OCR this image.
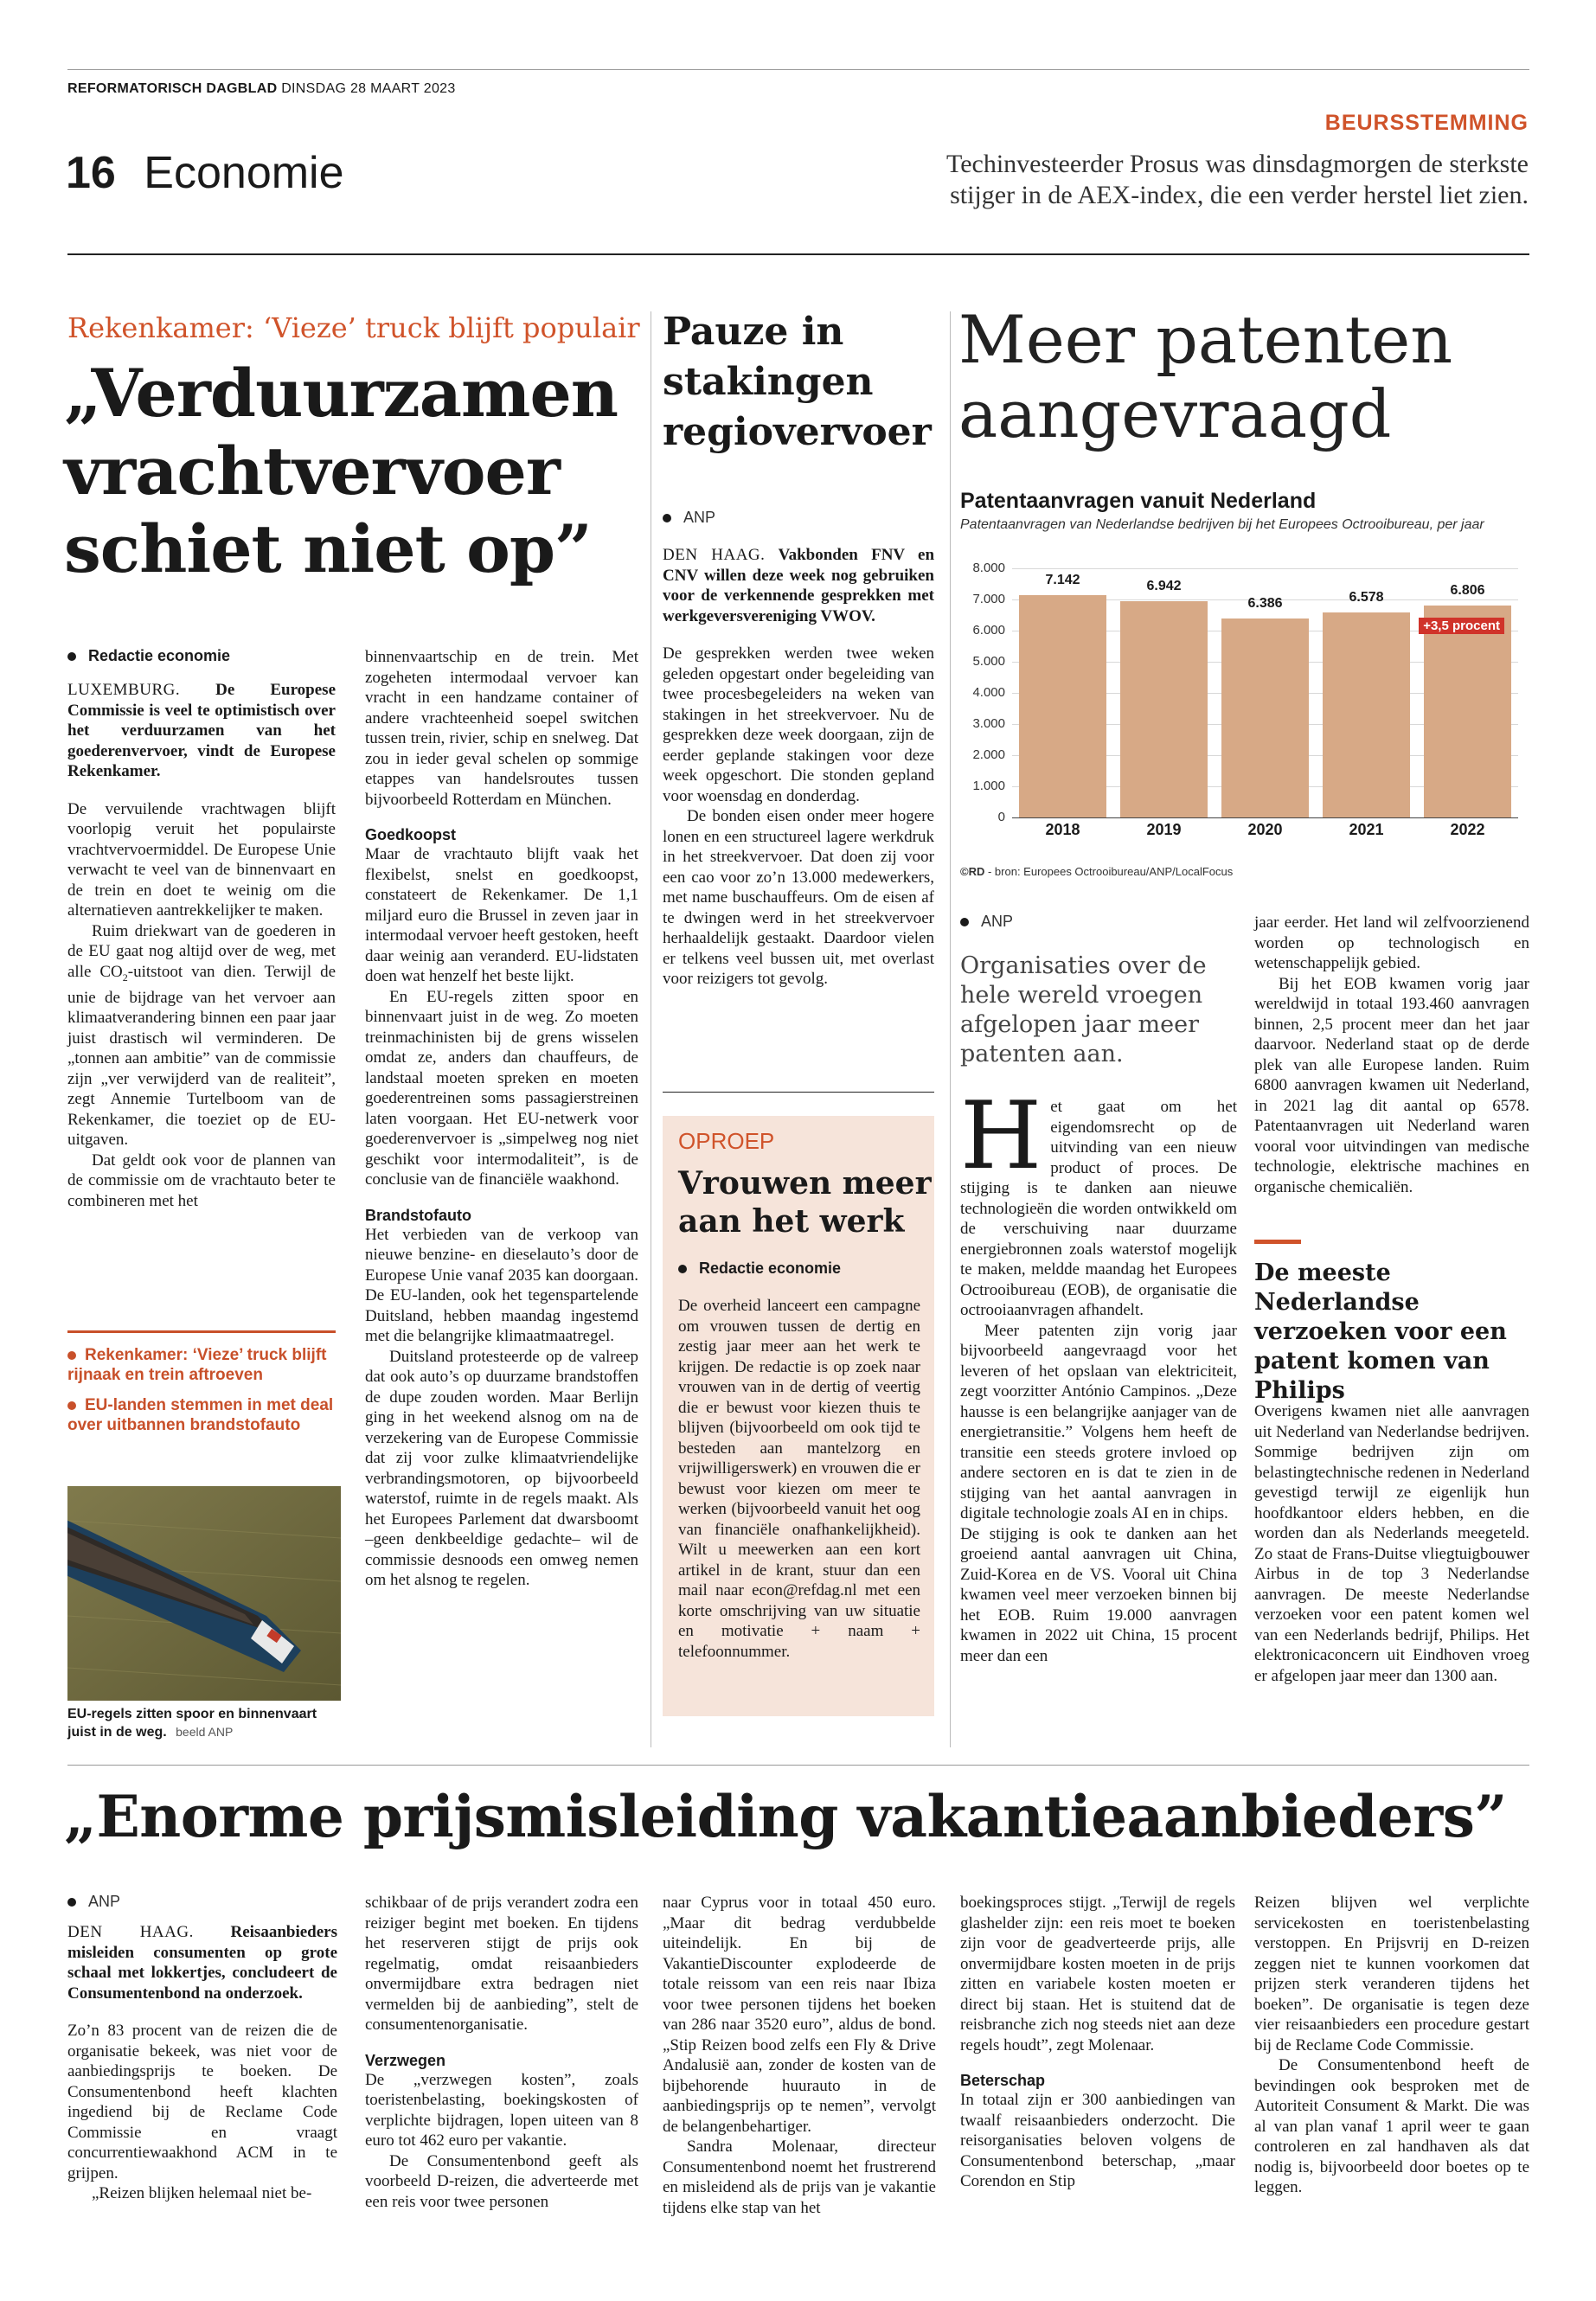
REFORMATORISCH DAGBLAD DINSDAG 28 MAART 2023
16 Economie
BEURSSTEMMING
Techinvesteerder Prosus was dinsdagmorgen de sterkste
stijger in de AEX-index, die een verder herstel liet zien.
Rekenkamer: ‘Vieze’ truck blijft populair
„Verduurzamen
vrachtvervoer
schiet niet op”
Redactie economie

LUXEMBURG. De Europese Commissie is veel te optimistisch over het verduurzamen van het goederenvervoer, vindt de Europese Rekenkamer.

De vervuilende vrachtwagen blijft voorlopig veruit het populairste vrachtvervoermiddel. De Europese Unie verwacht te veel van de binnenvaart en de trein en doet te weinig om die alternatieven aantrekkelijker te maken.

Ruim driekwart van de goederen in de EU gaat nog altijd over de weg, met alle $CO_2$-uitstoot van dien. Terwijl de unie de bijdrage van het vervoer aan klimaatverandering binnen een paar jaar juist drastisch wil verminderen. De „tonnen aan ambitie” van de commissie zijn „ver verwijderd van de realiteit”, zegt Annemie Turtelboom van de Rekenkamer, die toeziet op de EU-uitgaven.

Dat geldt ook voor de plannen van de commissie om de vrachtauto beter te combineren met het

Rekenkamer: ‘Vieze’ truck blijft rijnaak en trein aftroeven
EU-landen stemmen in met deal over uitbannen brandstofauto
EU-regels zitten spoor en binnenvaart juist in de weg. beeld ANP

binnenvaartschip en de trein. Met zogeheten intermodaal vervoer kan vracht in een handzame container of andere vrachteenheid soepel switchen tussen trein, rivier, schip en snelweg. Dat zou in ieder geval schelen op sommige etappes van handelsroutes tussen bijvoorbeeld Rotterdam en München.

Goedkoopst

Maar de vrachtauto blijft vaak het flexibelst, snelst en goedkoopst, constateert de Rekenkamer. De 1,1 miljard euro die Brussel in zeven jaar in intermodaal vervoer heeft gestoken, heeft daar weinig aan veranderd. EU-lidstaten doen wat henzelf het beste lijkt.

En EU-regels zitten spoor en binnenvaart juist in de weg. Zo moeten treinmachinisten bij de grens wisselen omdat ze, anders dan chauffeurs, de landstaal moeten spreken en moeten goederentreinen soms passagierstreinen laten voorgaan. Het EU-netwerk voor goederenvervoer is „simpelweg nog niet geschikt voor intermodaliteit”, is de conclusie van de financiële waakhond.

Brandstofauto

Het verbieden van de verkoop van nieuwe benzine- en dieselauto’s door de Europese Unie vanaf 2035 kan doorgaan. De EU-landen, ook het tegenspartelende Duitsland, hebben maandag ingestemd met die belangrijke klimaatmaatregel.

Duitsland protesteerde op de valreep dat ook auto’s op duurzame brandstoffen de dupe zouden worden. Maar Berlijn ging in het weekend alsnog om na de verzekering van de Europese Commissie dat zij voor zulke klimaatvriendelijke verbrandingsmotoren, op bijvoorbeeld waterstof, ruimte in de regels maakt. Als het Europees Parlement dat dwarsboomt –geen denkbeeldige gedachte– wil de commissie desnoods een omweg nemen om het alsnog te regelen.

Pauze in
stakingen
regiovervoer
ANP

DEN HAAG. Vakbonden FNV en CNV willen deze week nog gebruiken voor de verkennende gesprekken met werkgeversvereniging VWOV.

De gesprekken werden twee weken geleden opgestart onder begeleiding van twee procesbegeleiders na weken van stakingen in het streekvervoer. Nu de gesprekken deze week doorgaan, zijn de eerder geplande stakingen voor deze week opgeschort. Die stonden gepland voor woensdag en donderdag.

De bonden eisen onder meer hogere lonen en een structureel lagere werkdruk in het streekvervoer. Dat doen zij voor een cao voor zo’n 13.000 medewerkers, met name buschauffeurs. Om de eisen af te dwingen werd in het streekvervoer herhaaldelijk gestaakt. Daardoor vielen er telkens veel bussen uit, met overlast voor reizigers tot gevolg.

OPROEP
Vrouwen meer
aan het werk
Redactie economie

De overheid lanceert een campagne om vrouwen tussen de dertig en zestig jaar meer aan het werk te krijgen. De redactie is op zoek naar vrouwen van in de dertig of veertig die er bewust voor kiezen thuis te blijven (bijvoorbeeld om ook tijd te besteden aan mantelzorg en vrijwilligerswerk) en vrouwen die er bewust voor kiezen om meer te werken (bijvoorbeeld vanuit het oog van financiële onafhankelijkheid). Wilt u meewerken aan een kort artikel in de krant, stuur dan een mail naar econ@refdag.nl met een korte omschrijving van uw situatie en motivatie + naam + telefoonnummer.

Meer patenten
aangevraagd
Patentaanvragen vanuit Nederland
Patentaanvragen van Nederlandse bedrijven bij het Europees Octrooibureau, per jaar
0
1.000
2.000
3.000
4.000
5.000
6.000
7.000
8.000
7.142
2018
6.942
2019
6.386
2020
6.578
2021
6.806
2022
+3,5 procent
©RD - bron: Europees Octrooibureau/ANP/LocalFocus
ANP
Organisaties over de hele wereld vroegen afgelopen jaar meer patenten aan.

Het gaat om het eigendomsrecht op de uitvinding van een nieuw product of proces. De stijging is te danken aan nieuwe technologieën die worden ontwikkeld om de verschuiving naar duurzame energiebronnen zoals waterstof mogelijk te maken, meldde maandag het Europees Octrooibureau (EOB), de organisatie die octrooiaanvragen afhandelt.

Meer patenten zijn vorig jaar bijvoorbeeld aangevraagd voor het leveren of het opslaan van elektriciteit, zegt voorzitter António Campinos. „Deze hausse is een belangrijke aanjager van de energietransitie.” Volgens hem heeft de transitie een steeds grotere invloed op andere sectoren en is dat te zien in de stijging van het aantal aanvragen in digitale technologie zoals AI en in chips.

De stijging is ook te danken aan het groeiend aantal aanvragen uit China, Zuid-Korea en de VS. Vooral uit China kwamen veel meer verzoeken binnen bij het EOB. Ruim 19.000 aanvragen kwamen in 2022 uit China, 15 procent meer dan een

jaar eerder. Het land wil zelfvoorzienend worden op technologisch en wetenschappelijk gebied.

Bij het EOB kwamen vorig jaar wereldwijd in totaal 193.460 aanvragen binnen, 2,5 procent meer dan het jaar daarvoor. Nederland staat op de derde plek van alle Europese landen. Ruim 6800 aanvragen kwamen uit Nederland, in 2021 lag dit aantal op 6578. Patentaanvragen uit Nederland waren vooral voor uitvindingen van medische technologie, elektrische machines en organische chemicaliën.

De meeste Nederlandse verzoeken voor een patent komen van Philips

Overigens kwamen niet alle aanvragen uit Nederland van Nederlandse bedrijven. Sommige bedrijven zijn om belastingtechnische redenen in Nederland gevestigd terwijl ze eigenlijk hun hoofdkantoor elders hebben, en die worden dan als Nederlands meegeteld. Zo staat de Frans-Duitse vliegtuigbouwer Airbus in de top 3 Nederlandse aanvragen. De meeste Nederlandse verzoeken voor een patent komen wel van een Nederlands bedrijf, Philips. Het elektronicaconcern uit Eindhoven vroeg er afgelopen jaar meer dan 1300 aan.

„Enorme prijsmisleiding vakantieaanbieders”
ANP

DEN HAAG. Reisaanbieders misleiden consumenten op grote schaal met lokkertjes, concludeert de Consumentenbond na onderzoek.

Zo’n 83 procent van de reizen die de organisatie bekeek, was niet voor de aanbiedingsprijs te boeken. De Consumentenbond heeft klachten ingediend bij de Reclame Code Commissie en vraagt concurrentiewaakhond ACM in te grijpen.

„Reizen blijken helemaal niet be-

schikbaar of de prijs verandert zodra een reiziger begint met boeken. En tijdens het reserveren stijgt de prijs ook regelmatig, omdat reisaanbieders onvermijdbare extra bedragen niet vermelden bij de aanbieding”, stelt de consumentenorganisatie.

Verzwegen

De „verzwegen kosten”, zoals toeristenbelasting, boekingskosten of verplichte bijdragen, lopen uiteen van 8 euro tot 462 euro per vakantie.

De Consumentenbond geeft als voorbeeld D-reizen, die adverteerde met een reis voor twee personen

naar Cyprus voor in totaal 450 euro. „Maar dit bedrag verdubbelde uiteindelijk. En bij de VakantieDiscounter explodeerde de totale reissom van een reis naar Ibiza voor twee personen tijdens het boeken van 286 naar 3520 euro”, aldus de bond. „Stip Reizen bood zelfs een Fly & Drive Andalusië aan, zonder de kosten van de bijbehorende huurauto in de aanbiedingsprijs op te nemen”, vervolgt de belangenbehartiger.

Sandra Molenaar, directeur Consumentenbond noemt het frustrerend en misleidend als de prijs van je vakantie tijdens elke stap van het

boekingsproces stijgt. „Terwijl de regels glashelder zijn: een reis moet te boeken zijn voor de geadverteerde prijs, alle onvermijdbare kosten moeten in de prijs zitten en variabele kosten moeten er direct bij staan. Het is stuitend dat de reisbranche zich nog steeds niet aan deze regels houdt”, zegt Molenaar.

Beterschap

In totaal zijn er 300 aanbiedingen van twaalf reisaanbieders onderzocht. Die reisorganisaties beloven volgens de Consumentenbond beterschap, „maar Corendon en Stip

Reizen blijven wel verplichte servicekosten en toeristenbelasting verstoppen. En Prijsvrij en D-reizen zeggen niet te kunnen voorkomen dat prijzen sterk veranderen tijdens het boeken”. De organisatie is tegen deze vier reisaanbieders een procedure gestart bij de Reclame Code Commissie.

De Consumentenbond heeft de bevindingen ook besproken met de Autoriteit Consument & Markt. Die was al van plan vanaf 1 april weer te gaan controleren en zal handhaven als dat nodig is, bijvoorbeeld door boetes op te leggen.
